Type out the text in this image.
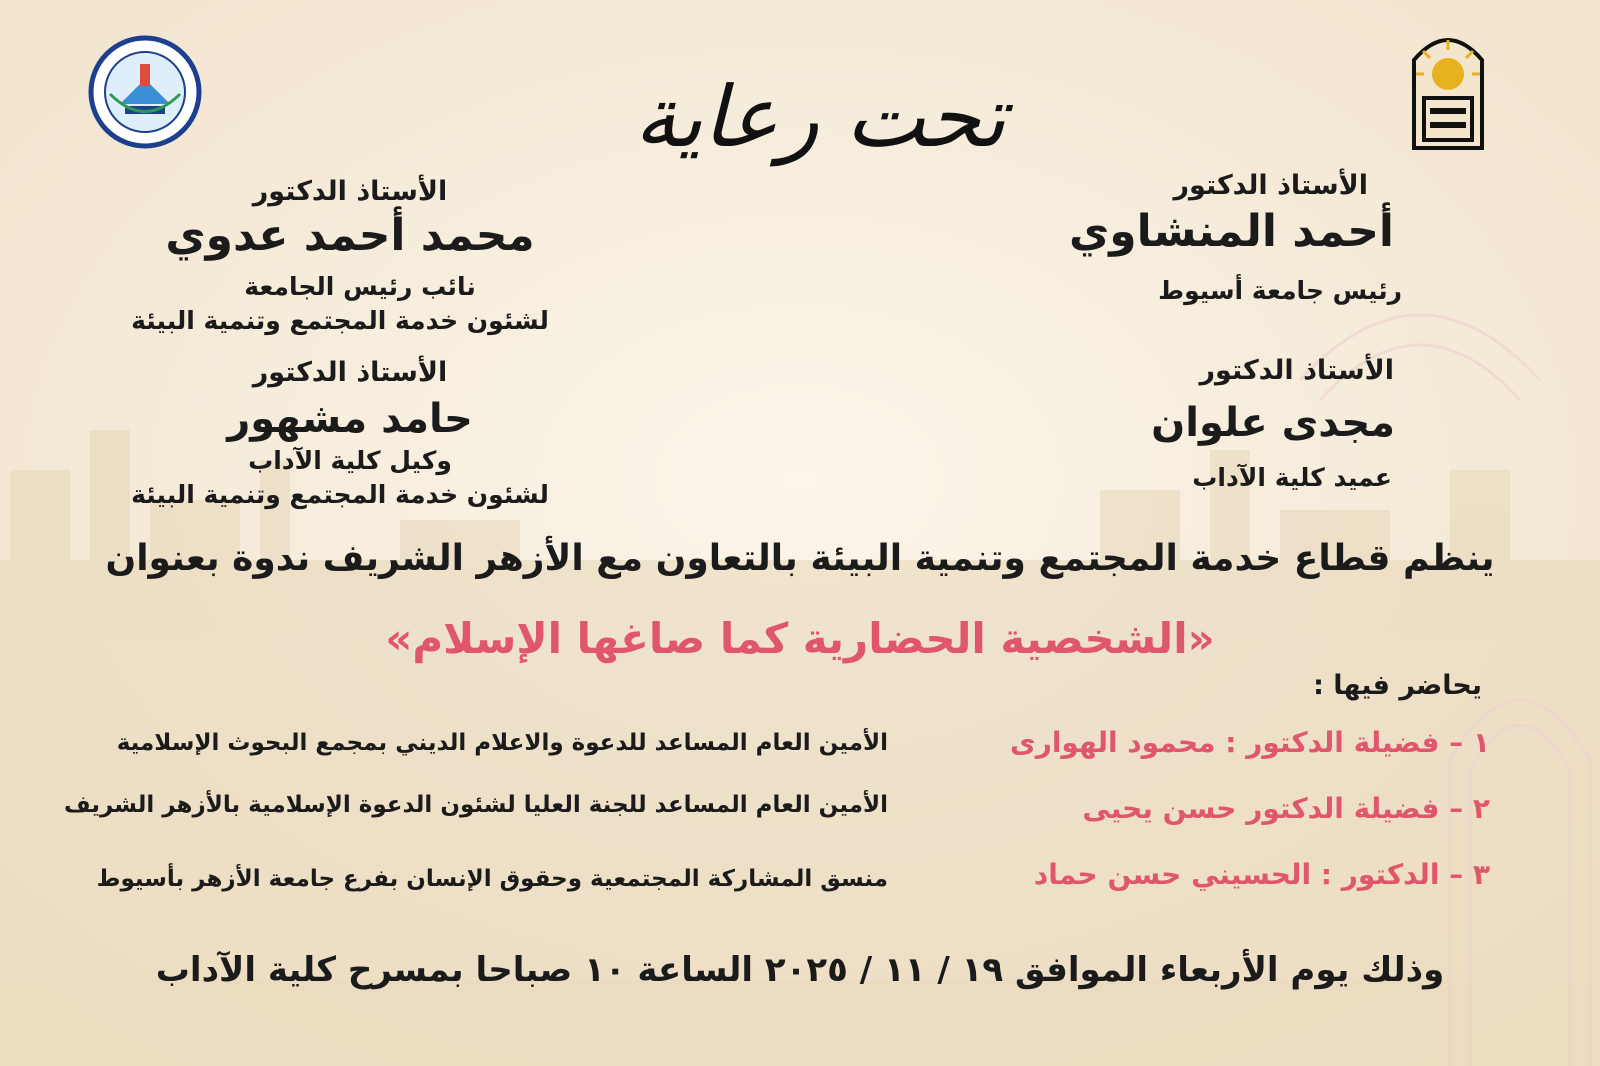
تحت رعاية
الأستاذ الدكتور
أحمد المنشاوي
رئيس جامعة أسيوط
الأستاذ الدكتور
مجدى علوان
عميد كلية الآداب
الأستاذ الدكتور
محمد أحمد عدوي
نائب رئيس الجامعة
لشئون خدمة المجتمع وتنمية البيئة
الأستاذ الدكتور
حامد مشهور
وكيل كلية الآداب
لشئون خدمة المجتمع وتنمية البيئة
ينظم قطاع خدمة المجتمع وتنمية البيئة بالتعاون مع الأزهر الشريف ندوة بعنوان
«الشخصية الحضارية كما صاغها الإسلام»
يحاضر فيها :
١ – فضيلة الدكتور : محمود الهوارى
الأمين العام المساعد للدعوة والاعلام الديني بمجمع البحوث الإسلامية
٢ – فضيلة الدكتور حسن يحيى
الأمين العام المساعد للجنة العليا لشئون الدعوة الإسلامية بالأزهر الشريف
٣ – الدكتور : الحسيني حسن حماد
منسق المشاركة المجتمعية وحقوق الإنسان بفرع جامعة الأزهر بأسيوط
وذلك يوم الأربعاء الموافق ١٩ / ١١ / ٢٠٢٥ الساعة ١٠ صباحا بمسرح كلية الآداب
